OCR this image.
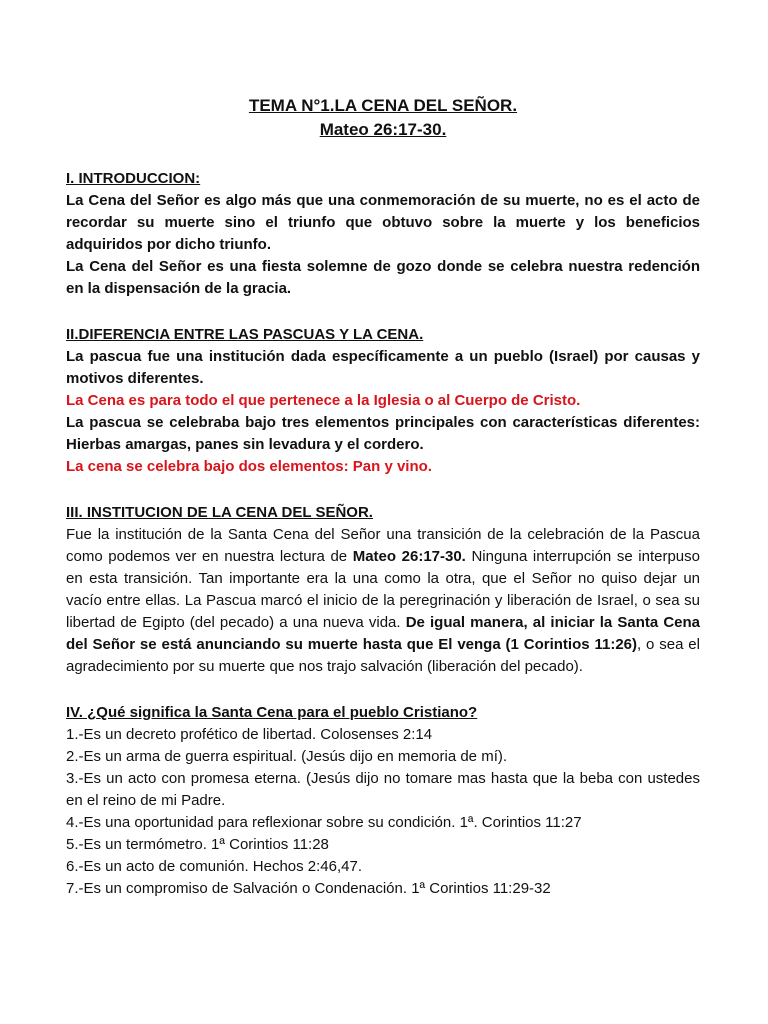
TEMA N°1.LA CENA DEL SEÑOR.
Mateo 26:17-30.
I. INTRODUCCION:

La Cena del Señor es algo más que una conmemoración de su muerte, no es el acto de recordar su muerte sino el triunfo que obtuvo sobre la muerte y los beneficios adquiridos por dicho triunfo.

La Cena del Señor es una fiesta solemne de gozo donde se celebra nuestra redención en la dispensación de la gracia.

II.DIFERENCIA ENTRE LAS PASCUAS Y LA CENA.

La pascua fue una institución dada específicamente a un pueblo (Israel) por causas y motivos diferentes.

La Cena es para todo el que pertenece a la Iglesia o al Cuerpo de Cristo.

La pascua se celebraba bajo tres elementos principales con características diferentes: Hierbas amargas, panes sin levadura y el cordero.

La cena se celebra bajo dos elementos: Pan y vino.

III. INSTITUCION DE LA CENA DEL SEÑOR.

Fue la institución de la Santa Cena del Señor una transición de la celebración de la Pascua como podemos ver en nuestra lectura de Mateo 26:17-30. Ninguna interrupción se interpuso en esta transición. Tan importante era la una como la otra, que el Señor no quiso dejar un vacío entre ellas. La Pascua marcó el inicio de la peregrinación y liberación de Israel, o sea su libertad de Egipto (del pecado) a una nueva vida. De igual manera, al iniciar la Santa Cena del Señor se está anunciando su muerte hasta que El venga (1 Corintios 11:26), o sea el agradecimiento por su muerte que nos trajo salvación (liberación del pecado).

IV. ¿Qué significa la Santa Cena para el pueblo Cristiano?
1.-Es un decreto profético de libertad. Colosenses 2:14
2.-Es un arma de guerra espiritual. (Jesús dijo en memoria de mí).
3.-Es un acto con promesa eterna. (Jesús dijo no tomare mas hasta que la beba con ustedes en el reino de mi Padre.
4.-Es una oportunidad para reflexionar sobre su condición. 1ª. Corintios 11:27
5.-Es un termómetro. 1ª Corintios 11:28
6.-Es un acto de comunión. Hechos 2:46,47.
7.-Es un compromiso de Salvación o Condenación. 1ª Corintios 11:29-32
